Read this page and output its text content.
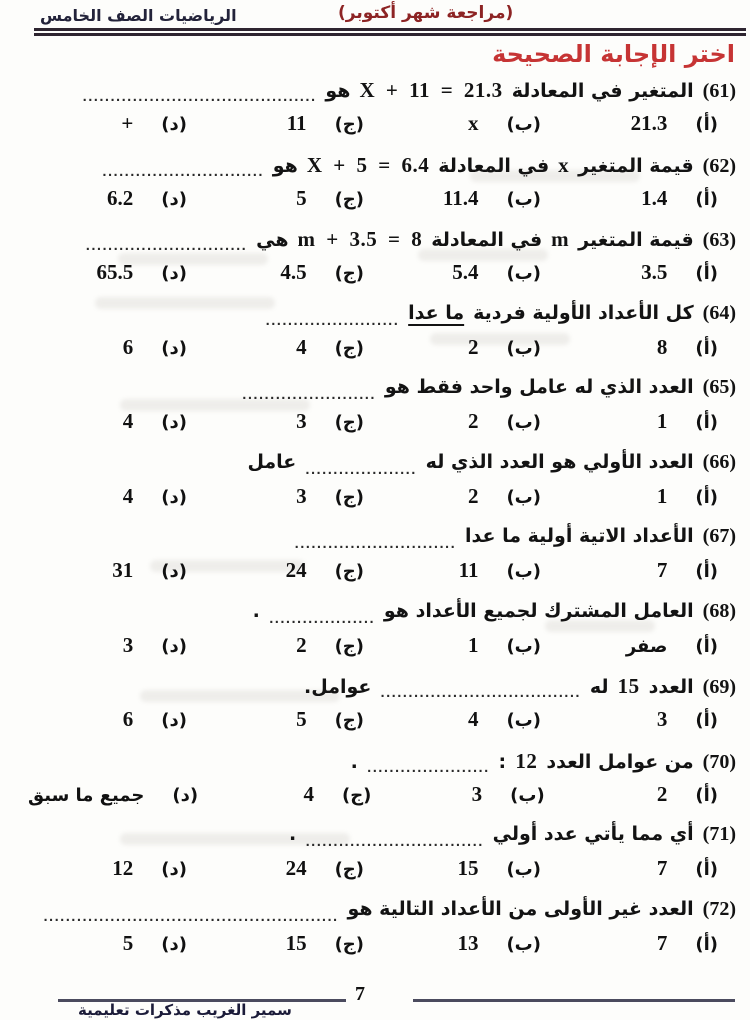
الرياضيات الصف الخامس	(مراجعة شهر أكتوبر)
اختر الإجابة الصحيحة
(61)
المتغير في المعادلة
X + 11 = 21.3
هو
..........................................
(أ)
21.3
(ب)
x
(ج)
11
(د)
+
(62)
قيمة المتغير
x
في المعادلة
X + 5 = 6.4
هو
.............................
(أ)
1.4
(ب)
11.4
(ج)
5
(د)
6.2
(63)
قيمة المتغير
m
في المعادلة
m + 3.5 = 8
هي
.............................
(أ)
3.5
(ب)
5.4
(ج)
4.5
(د)
65.5
(64)
كل الأعداد الأولية فردية
ما عدا
........................
(أ)
8
(ب)
2
(ج)
4
(د)
6
(65)
العدد الذي له عامل واحد فقط هو
........................
(أ)
1
(ب)
2
(ج)
3
(د)
4
(66)
العدد الأولي هو العدد الذي له
....................
عامل
(أ)
1
(ب)
2
(ج)
3
(د)
4
(67)
الأعداد الاتية أولية ما عدا
.............................
(أ)
7
(ب)
11
(ج)
24
(د)
31
(68)
العامل المشترك لجميع الأعداد هو
...................
.
(أ)
صفر
(ب)
1
(ج)
2
(د)
3
(69)
العدد
15
له
....................................
عوامل.
(أ)
3
(ب)
4
(ج)
5
(د)
6
(70)
من عوامل العدد
12
:
......................
.
(أ)
2
(ب)
3
(ج)
4
(د)
جميع ما سبق
(71)
أي مما يأتي عدد أولي
................................
.
(أ)
7
(ب)
15
(ج)
24
(د)
12
(72)
العدد غير الأولى من الأعداد التالية هو
.....................................................
(أ)
7
(ب)
13
(ج)
15
(د)
5
7
سمير الغريب مذكرات تعليمية
